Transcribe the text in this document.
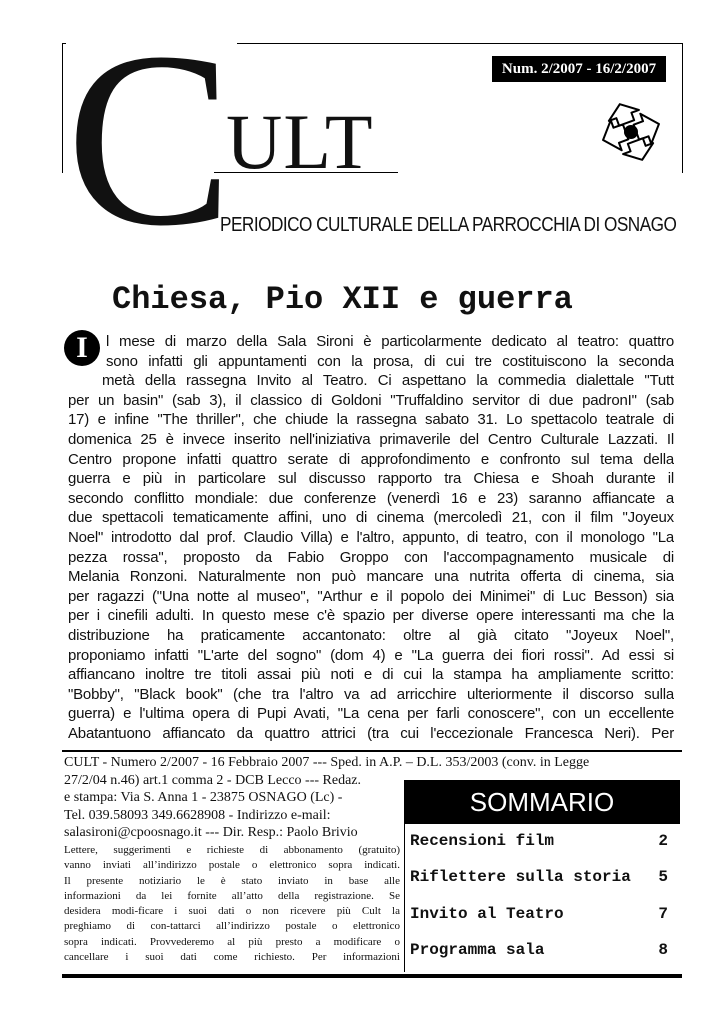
C
ULT
Num. 2/2007 - 16/2/2007
PERIODICO CULTURALE DELLA PARROCCHIA DI OSNAGO
Chiesa, Pio XII e guerra
I	l mese di marzo della Sala Sironi è particolarmente dedicato al teatro: quattro
sono infatti gli appuntamenti con la prosa, di cui tre costituiscono la seconda
metà della rassegna Invito al Teatro. Ci aspettano la commedia dialettale "Tutt
per un basin" (sab 3), il classico di Goldoni "Truffaldino servitor di due padronI" (sab
17) e infine "The thriller", che chiude la rassegna sabato 31. Lo spettacolo teatrale di
domenica 25 è invece inserito nell'iniziativa primaverile del Centro Culturale Lazzati. Il
Centro propone infatti quattro serate di approfondimento e confronto sul tema della
guerra e più in particolare sul discusso rapporto tra Chiesa e Shoah durante il
secondo conflitto mondiale: due conferenze (venerdì 16 e 23) saranno affiancate a
due spettacoli tematicamente affini, uno di cinema (mercoledì 21, con il film "Joyeux
Noel" introdotto dal prof. Claudio Villa) e l'altro, appunto, di teatro, con il monologo "La
pezza rossa", proposto da Fabio Groppo con l'accompagnamento musicale di
Melania Ronzoni. Naturalmente non può mancare una nutrita offerta di cinema, sia
per ragazzi ("Una notte al museo", "Arthur e il popolo dei Minimei" di Luc Besson) sia
per i cinefili adulti. In questo mese c'è spazio per diverse opere interessanti ma che la
distribuzione ha praticamente accantonato: oltre al già citato "Joyeux Noel",
proponiamo infatti "L'arte del sogno" (dom 4) e "La guerra dei fiori rossi". Ad essi si
affiancano inoltre tre titoli assai più noti e di cui la stampa ha ampliamente scritto:
"Bobby", "Black book" (che tra l'altro va ad arricchire ulteriormente il discorso sulla
guerra) e l'ultima opera di Pupi Avati, "La cena per farli conoscere", con un eccellente
Abatantuono affiancato da quattro attrici (tra cui l'eccezionale Francesca Neri). Per
CULT - Numero 2/2007 - 16 Febbraio 2007 --- Sped. in A.P. – D.L. 353/2003 (conv. in Legge
27/2/04 n.46) art.1 comma 2 - DCB Lecco --- Redaz.
e stampa: Via S. Anna 1 - 23875 OSNAGO (Lc) -
Tel. 039.58093 349.6628908 - Indirizzo e-mail:
salasironi@cpoosnago.it --- Dir. Resp.: Paolo Brivio
Lettere, suggerimenti e richieste di abbonamento (gratuito)
vanno inviati all’indirizzo postale o elettronico sopra indicati.
Il presente notiziario le è stato inviato in base alle
informazioni da lei fornite all’atto della registrazione. Se
desidera modi-ficare i suoi dati o non ricevere più Cult la
preghiamo di con-tattarci all’indirizzo postale o elettronico
sopra indicati. Provvederemo al più presto a modificare o
cancellare i suoi dati come richiesto. Per informazioni
SOMMARIO
Recensioni film	2
Riflettere sulla storia 5
Invito al Teatro	7
Programma sala	8
